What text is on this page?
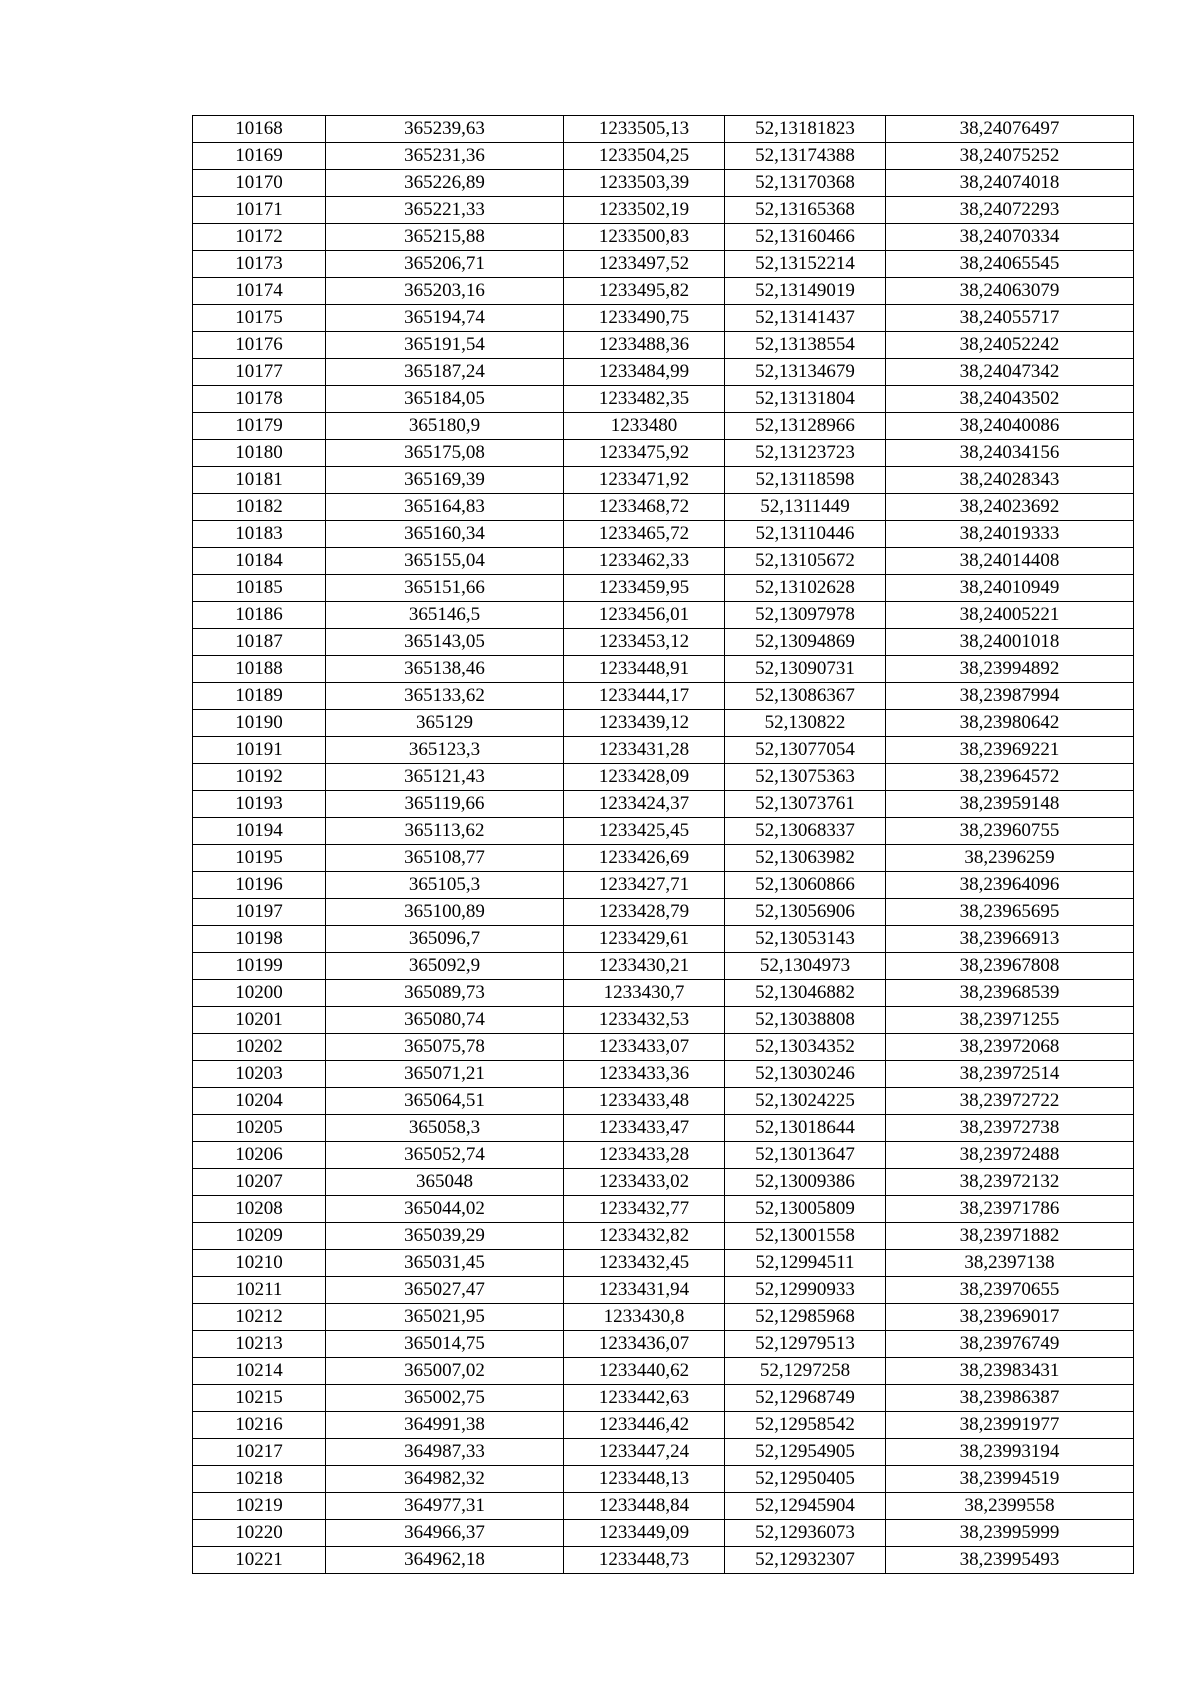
10168	365239,63	1233505,13	52,13181823	38,24076497
10169	365231,36	1233504,25	52,13174388	38,24075252
10170	365226,89	1233503,39	52,13170368	38,24074018
10171	365221,33	1233502,19	52,13165368	38,24072293
10172	365215,88	1233500,83	52,13160466	38,24070334
10173	365206,71	1233497,52	52,13152214	38,24065545
10174	365203,16	1233495,82	52,13149019	38,24063079
10175	365194,74	1233490,75	52,13141437	38,24055717
10176	365191,54	1233488,36	52,13138554	38,24052242
10177	365187,24	1233484,99	52,13134679	38,24047342
10178	365184,05	1233482,35	52,13131804	38,24043502
10179	365180,9	1233480	52,13128966	38,24040086
10180	365175,08	1233475,92	52,13123723	38,24034156
10181	365169,39	1233471,92	52,13118598	38,24028343
10182	365164,83	1233468,72	52,1311449	38,24023692
10183	365160,34	1233465,72	52,13110446	38,24019333
10184	365155,04	1233462,33	52,13105672	38,24014408
10185	365151,66	1233459,95	52,13102628	38,24010949
10186	365146,5	1233456,01	52,13097978	38,24005221
10187	365143,05	1233453,12	52,13094869	38,24001018
10188	365138,46	1233448,91	52,13090731	38,23994892
10189	365133,62	1233444,17	52,13086367	38,23987994
10190	365129	1233439,12	52,130822	38,23980642
10191	365123,3	1233431,28	52,13077054	38,23969221
10192	365121,43	1233428,09	52,13075363	38,23964572
10193	365119,66	1233424,37	52,13073761	38,23959148
10194	365113,62	1233425,45	52,13068337	38,23960755
10195	365108,77	1233426,69	52,13063982	38,2396259
10196	365105,3	1233427,71	52,13060866	38,23964096
10197	365100,89	1233428,79	52,13056906	38,23965695
10198	365096,7	1233429,61	52,13053143	38,23966913
10199	365092,9	1233430,21	52,1304973	38,23967808
10200	365089,73	1233430,7	52,13046882	38,23968539
10201	365080,74	1233432,53	52,13038808	38,23971255
10202	365075,78	1233433,07	52,13034352	38,23972068
10203	365071,21	1233433,36	52,13030246	38,23972514
10204	365064,51	1233433,48	52,13024225	38,23972722
10205	365058,3	1233433,47	52,13018644	38,23972738
10206	365052,74	1233433,28	52,13013647	38,23972488
10207	365048	1233433,02	52,13009386	38,23972132
10208	365044,02	1233432,77	52,13005809	38,23971786
10209	365039,29	1233432,82	52,13001558	38,23971882
10210	365031,45	1233432,45	52,12994511	38,2397138
10211	365027,47	1233431,94	52,12990933	38,23970655
10212	365021,95	1233430,8	52,12985968	38,23969017
10213	365014,75	1233436,07	52,12979513	38,23976749
10214	365007,02	1233440,62	52,1297258	38,23983431
10215	365002,75	1233442,63	52,12968749	38,23986387
10216	364991,38	1233446,42	52,12958542	38,23991977
10217	364987,33	1233447,24	52,12954905	38,23993194
10218	364982,32	1233448,13	52,12950405	38,23994519
10219	364977,31	1233448,84	52,12945904	38,2399558
10220	364966,37	1233449,09	52,12936073	38,23995999
10221	364962,18	1233448,73	52,12932307	38,23995493
